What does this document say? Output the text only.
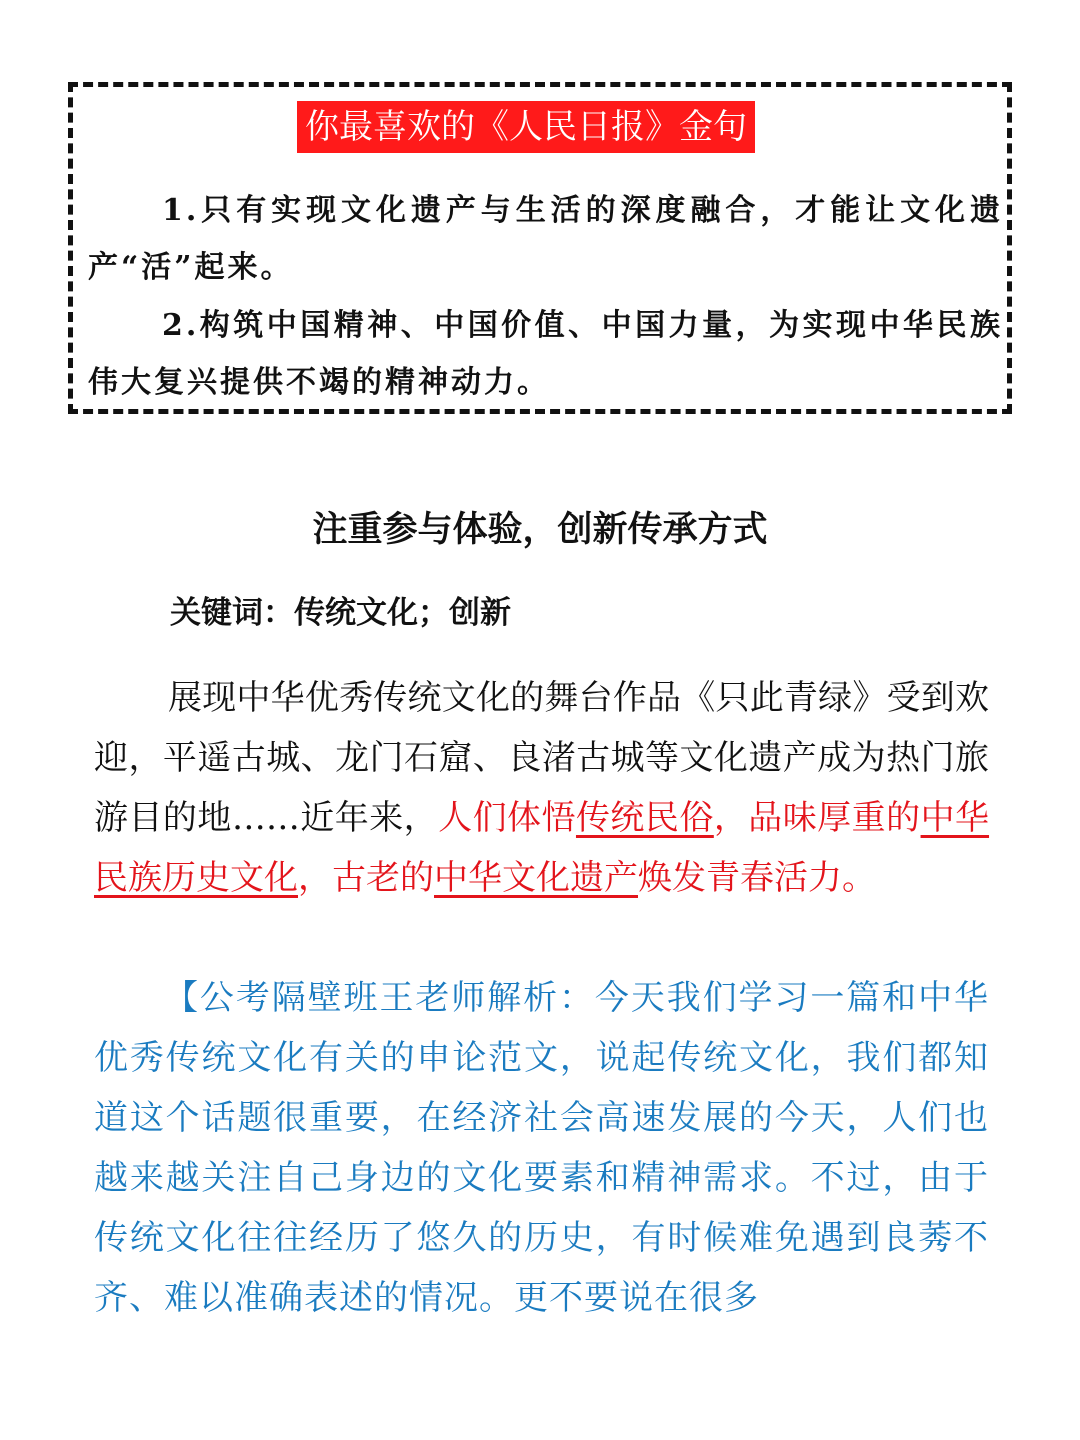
你最喜欢的《人民日报》金句
1.只有实现文化遗产与生活的深度融合，才能让文化遗产“活”起来。
2.构筑中国精神、中国价值、中国力量，为实现中华民族伟大复兴提供不竭的精神动力。
注重参与体验，创新传承方式
关键词：传统文化；创新
展现中华优秀传统文化的舞台作品《只此青绿》受到欢迎，平遥古城、龙门石窟、良渚古城等文化遗产成为热门旅游目的地……近年来，人们体悟传统民俗，品味厚重的中华民族历史文化，古老的中华文化遗产焕发青春活力。
【公考隔壁班王老师解析：今天我们学习一篇和中华优秀传统文化有关的申论范文，说起传统文化，我们都知道这个话题很重要，在经济社会高速发展的今天，人们也越来越关注自己身边的文化要素和精神需求。不过，由于传统文化往往经历了悠久的历史，有时候难免遇到良莠不齐、难以准确表述的情况。更不要说在很多
